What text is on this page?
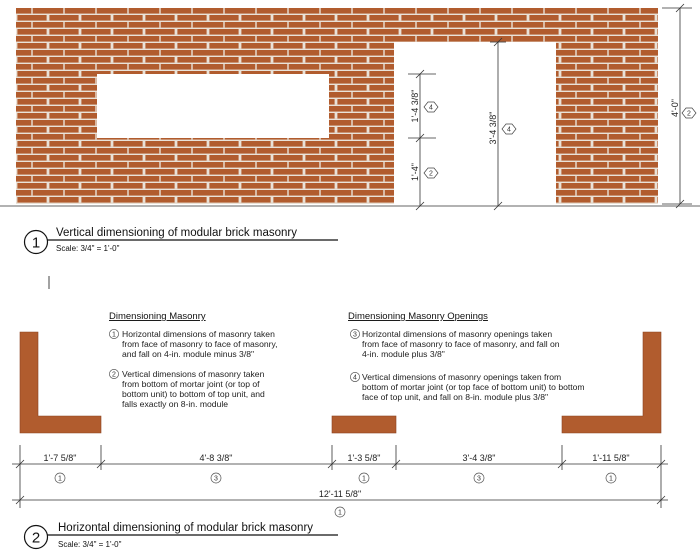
1'-4 3/8" 4
1'-4" 2
3'-4 3/8" 4
4'-0" 2
1
Vertical dimensioning of modular brick masonry
Scale: 3/4" = 1'-0"
Dimensioning Masonry
1 Horizontal dimensions of masonry taken
from face of masonry to face of masonry,
and fall on 4-in. module minus 3/8"
2 Vertical dimensions of masonry taken
from bottom of mortar joint (or top of
bottom unit) to bottom of top unit, and
falls exactly on 8-in. module
Dimensioning Masonry Openings
3 Horizontal dimensions of masonry openings taken
from face of masonry to face of masonry, and fall on
4-in. module plus 3/8"
4 Vertical dimensions of masonry openings taken from
bottom of mortar joint (or top face of bottom unit) to bottom
face of top unit, and fall on 8-in. module plus 3/8"
1'-7 5/8"
1
4'-8 3/8"
3
1'-3 5/8"
1
3'-4 3/8"
3
1'-11 5/8"
1
12'-11 5/8"
1
2
Horizontal dimensioning of modular brick masonry
Scale: 3/4" = 1'-0"
